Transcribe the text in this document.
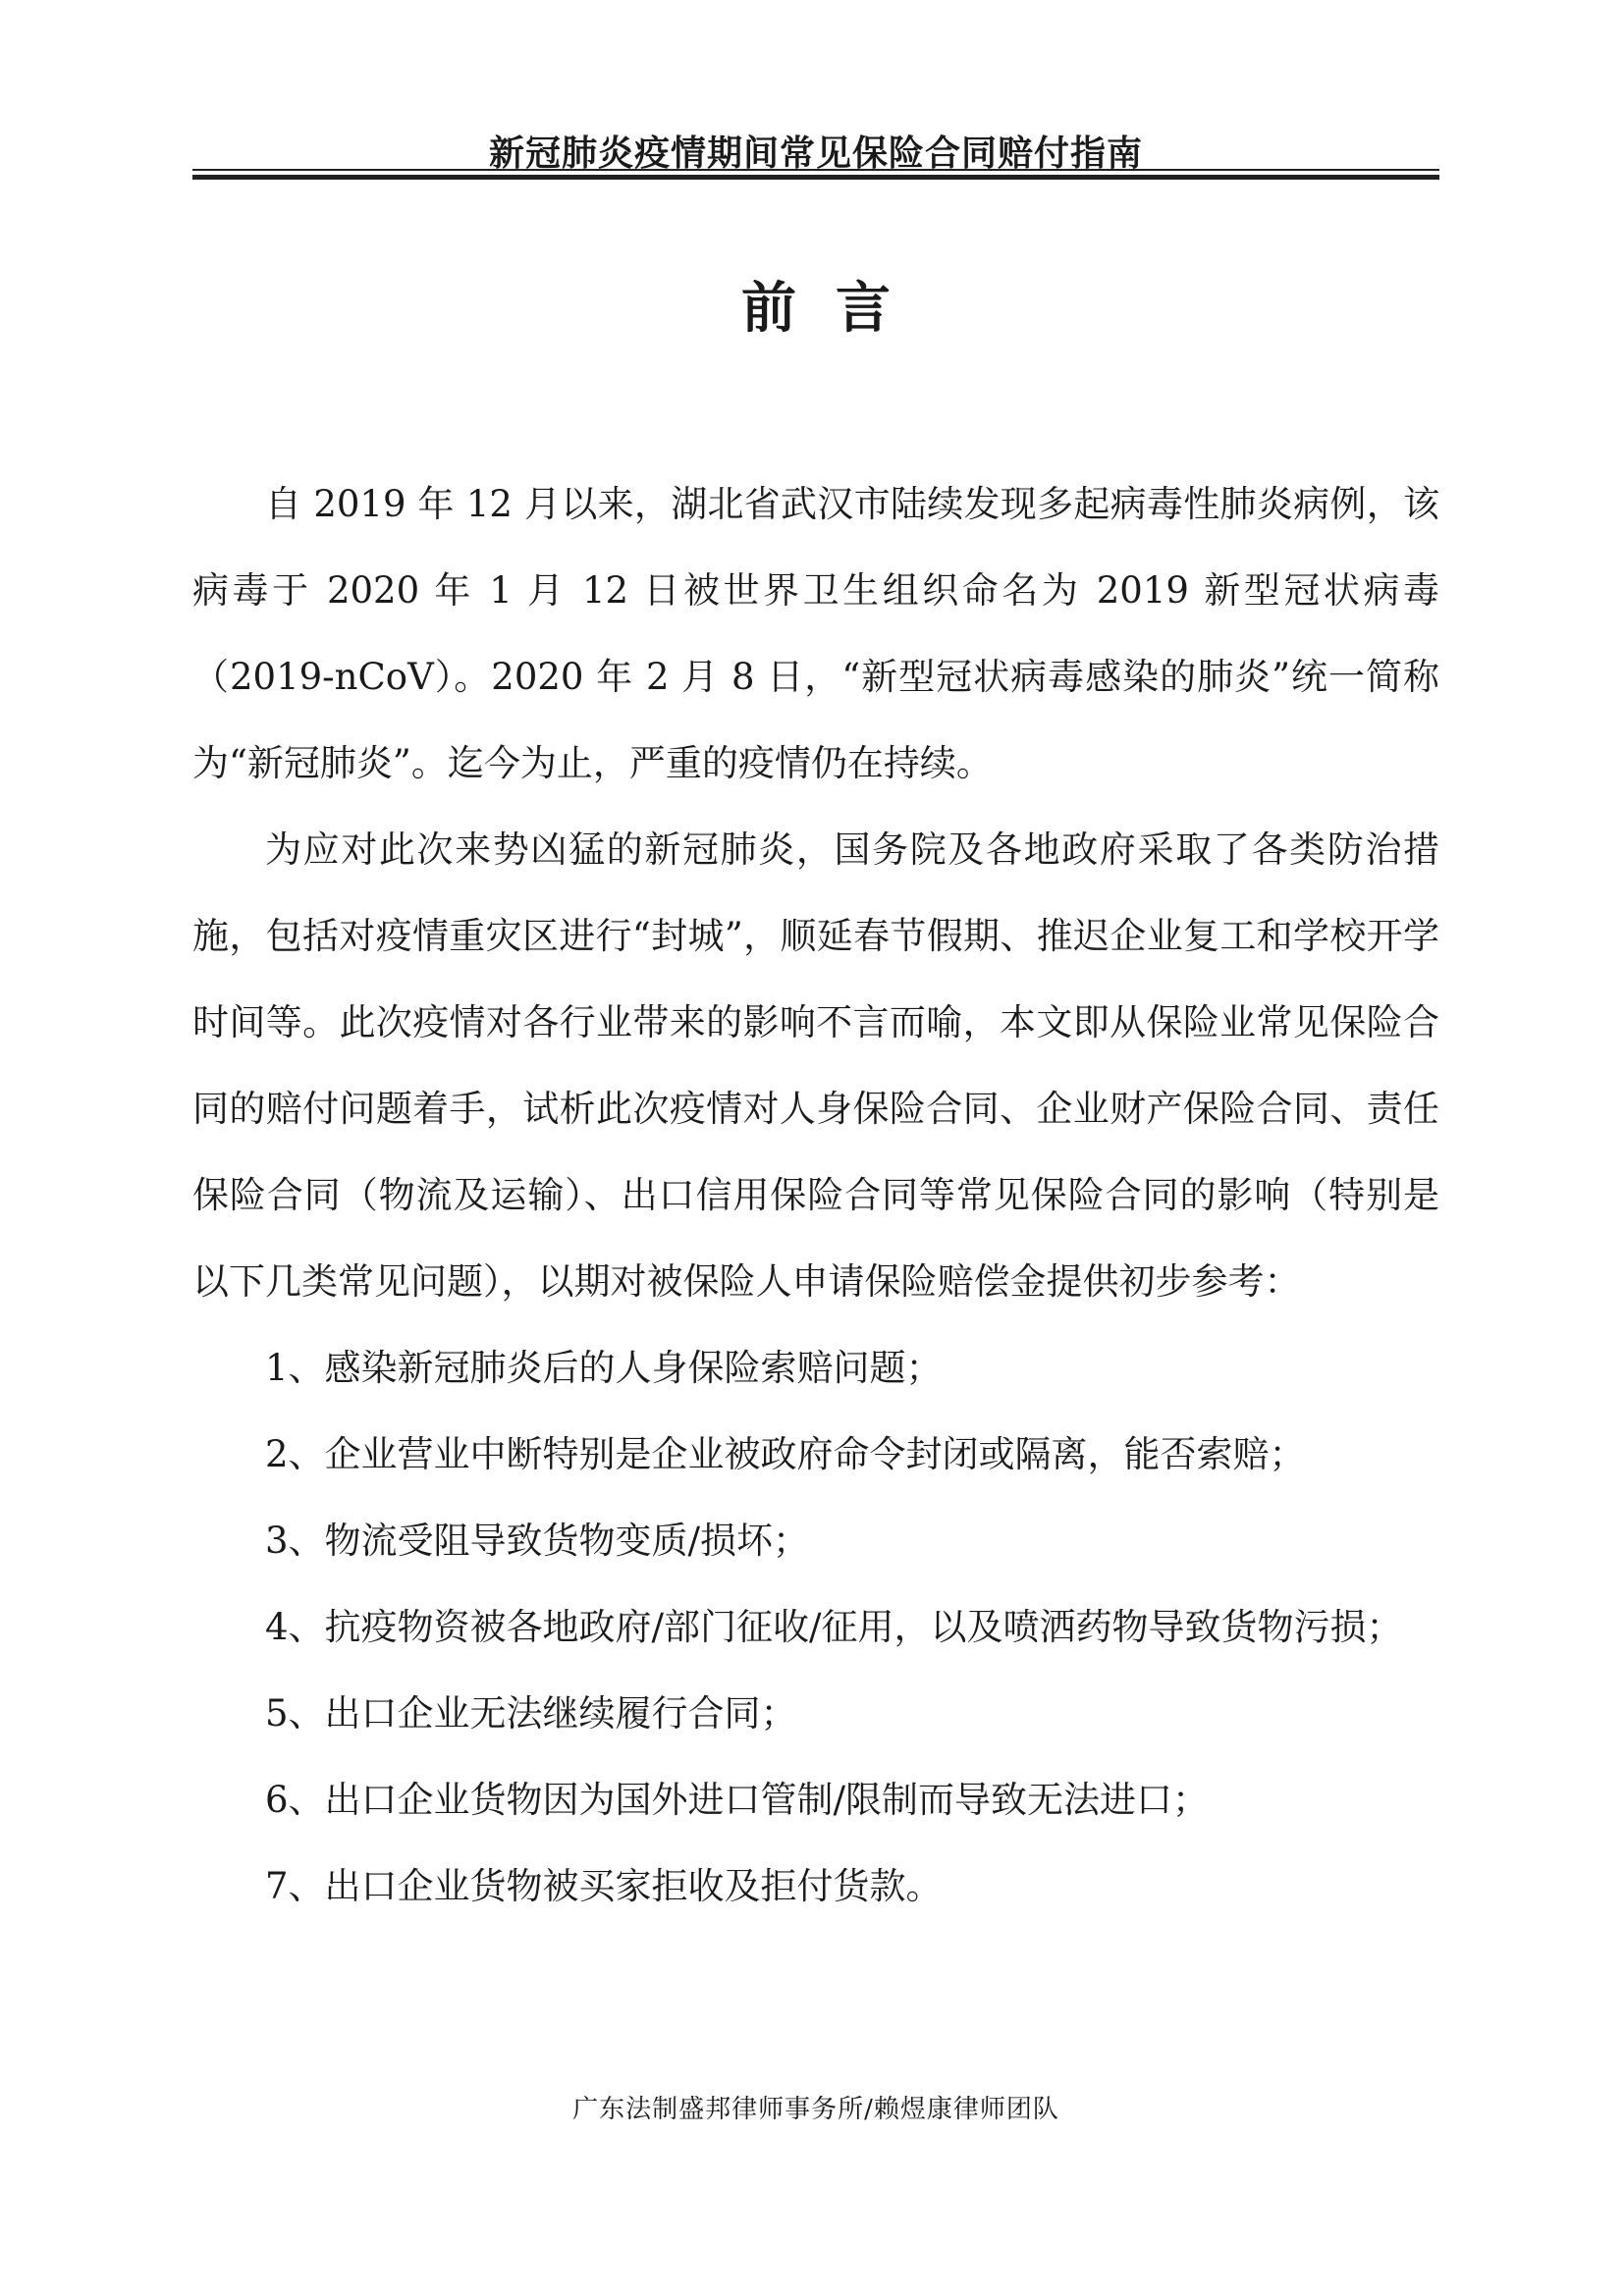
新冠肺炎疫情期间常见保险合同赔付指南
前言

自 2019 年 12 月以来，湖北省武汉市陆续发现多起病毒性肺炎病例，该病毒于 2020 年 1 月 12 日被世界卫生组织命名为 2019 新型冠状病毒（2019-nCoV）。2020 年 2 月 8 日，“新型冠状病毒感染的肺炎”统一简称为“新冠肺炎”。迄今为止，严重的疫情仍在持续。

为应对此次来势凶猛的新冠肺炎，国务院及各地政府采取了各类防治措施，包括对疫情重灾区进行“封城”，顺延春节假期、推迟企业复工和学校开学时间等。此次疫情对各行业带来的影响不言而喻，本文即从保险业常见保险合同的赔付问题着手，试析此次疫情对人身保险合同、企业财产保险合同、责任保险合同（物流及运输）、出口信用保险合同等常见保险合同的影响（特别是以下几类常见问题），以期对被保险人申请保险赔偿金提供初步参考：

1、感染新冠肺炎后的人身保险索赔问题；
2、企业营业中断特别是企业被政府命令封闭或隔离，能否索赔；
3、物流受阻导致货物变质/损坏；
4、抗疫物资被各地政府/部门征收/征用，以及喷洒药物导致货物污损；
5、出口企业无法继续履行合同；
6、出口企业货物因为国外进口管制/限制而导致无法进口；
7、出口企业货物被买家拒收及拒付货款。
广东法制盛邦律师事务所/赖煜康律师团队
